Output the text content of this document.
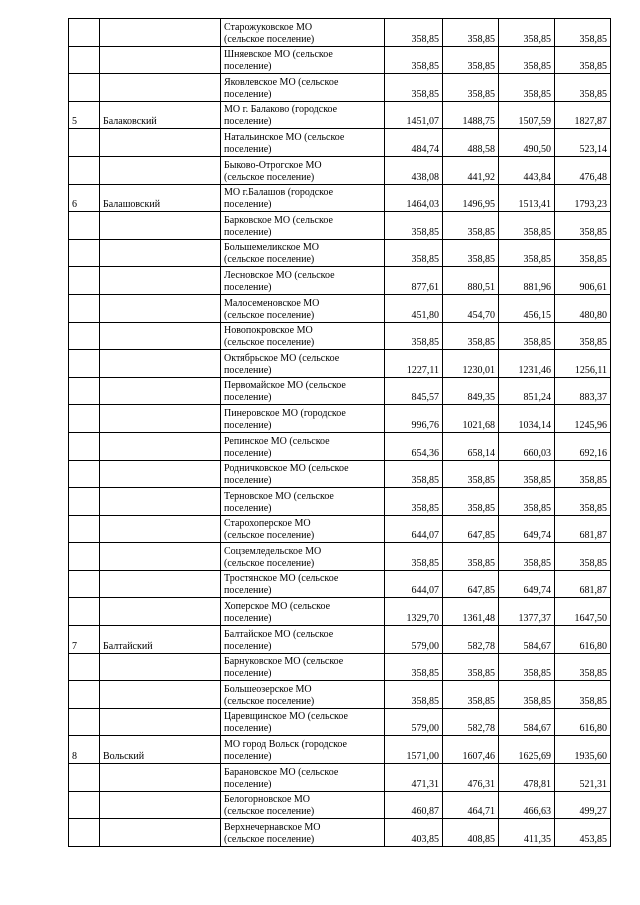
		Старожуковское МО
(сельское поселение)	358,85	358,85	358,85	358,85
		Шняевское МО (сельское
поселение)	358,85	358,85	358,85	358,85
		Яковлевское МО (сельское
поселение)	358,85	358,85	358,85	358,85
5	Балаковский	МО г. Балаково (городское
поселение)	1451,07	1488,75	1507,59	1827,87
		Натальинское МО (сельское
поселение)	484,74	488,58	490,50	523,14
		Быково-Отрогское МО
(сельское поселение)	438,08	441,92	443,84	476,48
6	Балашовский	МО г.Балашов (городское
поселение)	1464,03	1496,95	1513,41	1793,23
		Барковское МО (сельское
поселение)	358,85	358,85	358,85	358,85
		Большемеликское МО
(сельское поселение)	358,85	358,85	358,85	358,85
		Лесновское МО (сельское
поселение)	877,61	880,51	881,96	906,61
		Малосеменовское МО
(сельское поселение)	451,80	454,70	456,15	480,80
		Новопокровское МО
(сельское поселение)	358,85	358,85	358,85	358,85
		Октябрьское МО (сельское
поселение)	1227,11	1230,01	1231,46	1256,11
		Первомайское МО (сельское
поселение)	845,57	849,35	851,24	883,37
		Пинеровское МО (городское
поселение)	996,76	1021,68	1034,14	1245,96
		Репинское МО (сельское
поселение)	654,36	658,14	660,03	692,16
		Родничковское МО (сельское
поселение)	358,85	358,85	358,85	358,85
		Терновское МО (сельское
поселение)	358,85	358,85	358,85	358,85
		Старохоперское МО
(сельское поселение)	644,07	647,85	649,74	681,87
		Соцземледельское МО
(сельское поселение)	358,85	358,85	358,85	358,85
		Тростянское МО (сельское
поселение)	644,07	647,85	649,74	681,87
		Хоперское МО (сельское
поселение)	1329,70	1361,48	1377,37	1647,50
7	Балтайский	Балтайское МО (сельское
поселение)	579,00	582,78	584,67	616,80
		Барнуковское МО (сельское
поселение)	358,85	358,85	358,85	358,85
		Большеозерское МО
(сельское поселение)	358,85	358,85	358,85	358,85
		Царевщинское МО (сельское
поселение)	579,00	582,78	584,67	616,80
8	Вольский	МО город Вольск (городское
поселение)	1571,00	1607,46	1625,69	1935,60
		Барановское МО (сельское
поселение)	471,31	476,31	478,81	521,31
		Белогорновское МО
(сельское поселение)	460,87	464,71	466,63	499,27
		Верхнечернавское МО
(сельское поселение)	403,85	408,85	411,35	453,85
